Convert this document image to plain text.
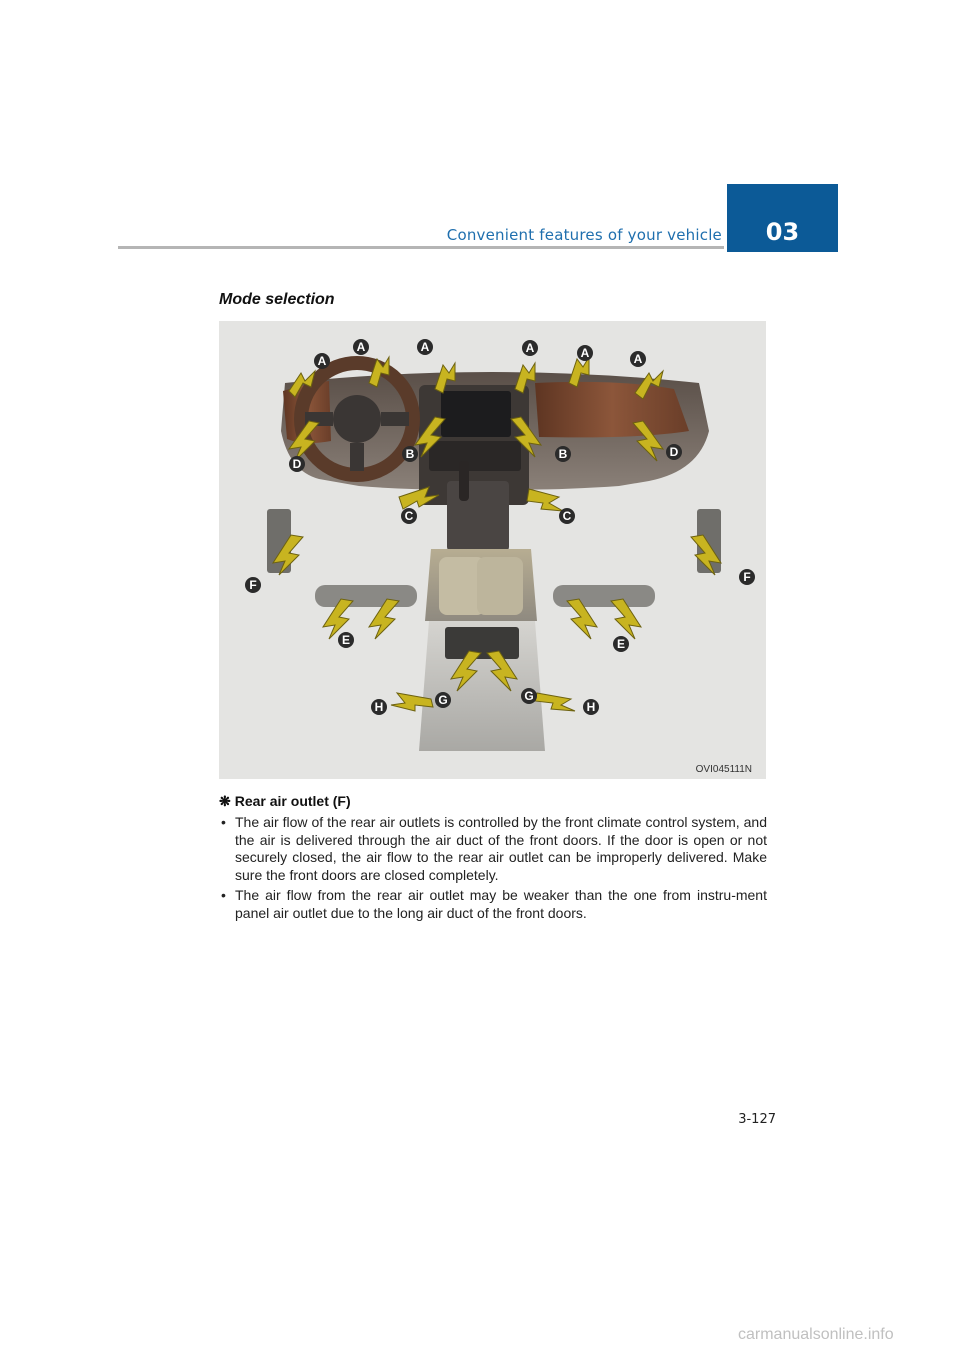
Convenient features of your vehicle	03
Mode selection
A
A	A	A	A	A
D
D
B	B
C	C
F
F
E	E
G	G
H	H
OVI045111N
❋ Rear air outlet (F)
• The air flow of the rear air outlets is controlled by the front climate control system, and the air is delivered through the air duct of the front doors. If the door is open or not securely closed, the air flow to the rear air outlet can be improperly delivered. Make sure the front doors are closed completely.
• The air flow from the rear air outlet may be weaker than the one from instru-ment panel air outlet due to the long air duct of the front doors.
3-127
carmanualsonline.info
